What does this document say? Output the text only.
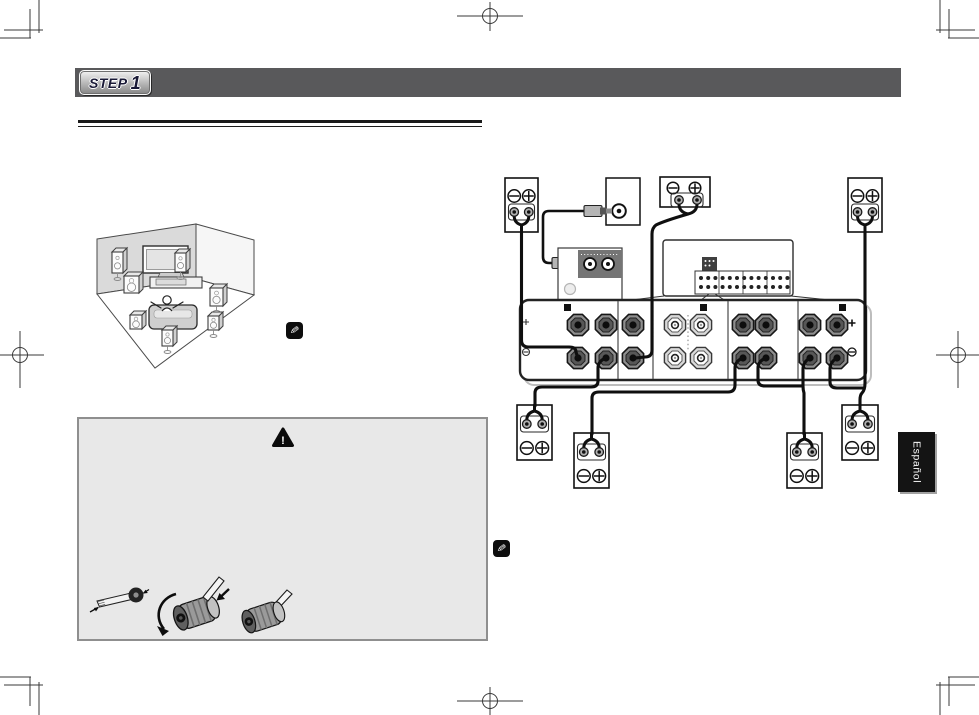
!
STEP 1
✎
✎
Español
